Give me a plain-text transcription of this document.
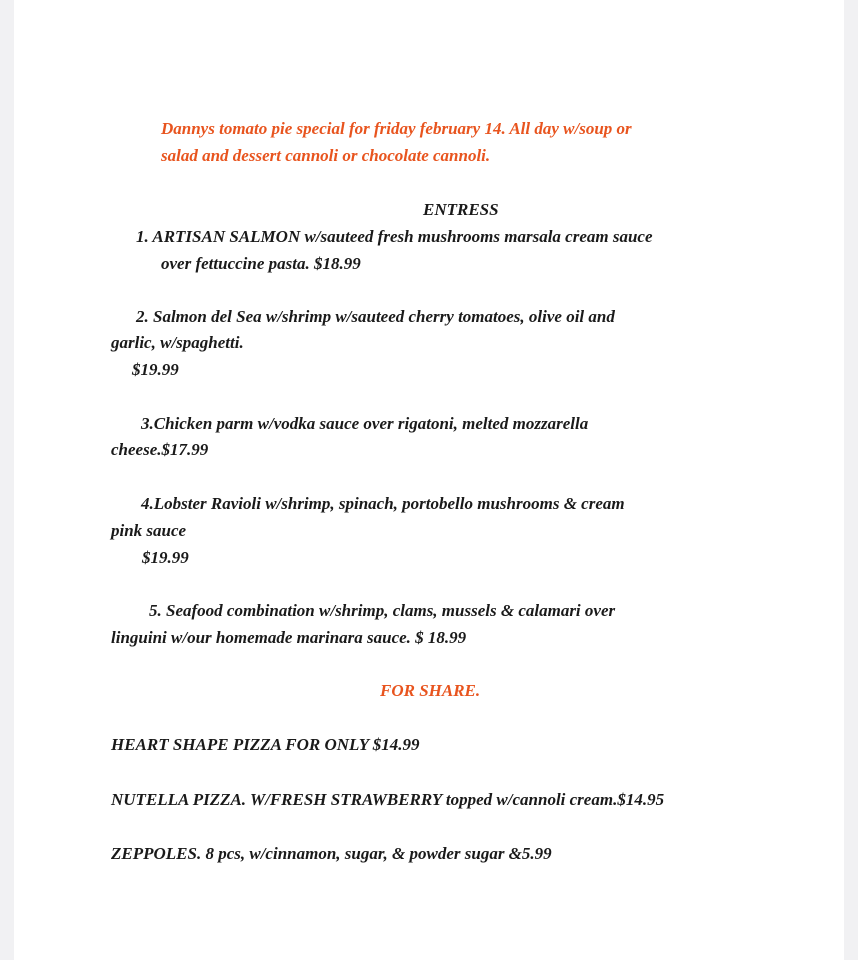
Dannys tomato pie special for friday february 14. All day w/soup or

salad and dessert cannoli or chocolate cannoli.

ENTRESS

1. ARTISAN SALMON w/sauteed fresh mushrooms marsala cream sauce

over fettuccine pasta. $18.99

2. Salmon del Sea w/shrimp w/sauteed cherry tomatoes, olive oil and

garlic, w/spaghetti.

$19.99

3.Chicken parm w/vodka sauce over rigatoni, melted mozzarella

cheese.$17.99

4.Lobster Ravioli w/shrimp, spinach, portobello mushrooms & cream

pink sauce

$19.99

5. Seafood combination w/shrimp, clams, mussels & calamari over

linguini w/our homemade marinara sauce. $ 18.99

FOR SHARE.

HEART SHAPE PIZZA FOR ONLY $14.99

NUTELLA PIZZA. W/FRESH STRAWBERRY topped w/cannoli cream.$14.95

ZEPPOLES. 8 pcs, w/cinnamon, sugar, & powder sugar &5.99
